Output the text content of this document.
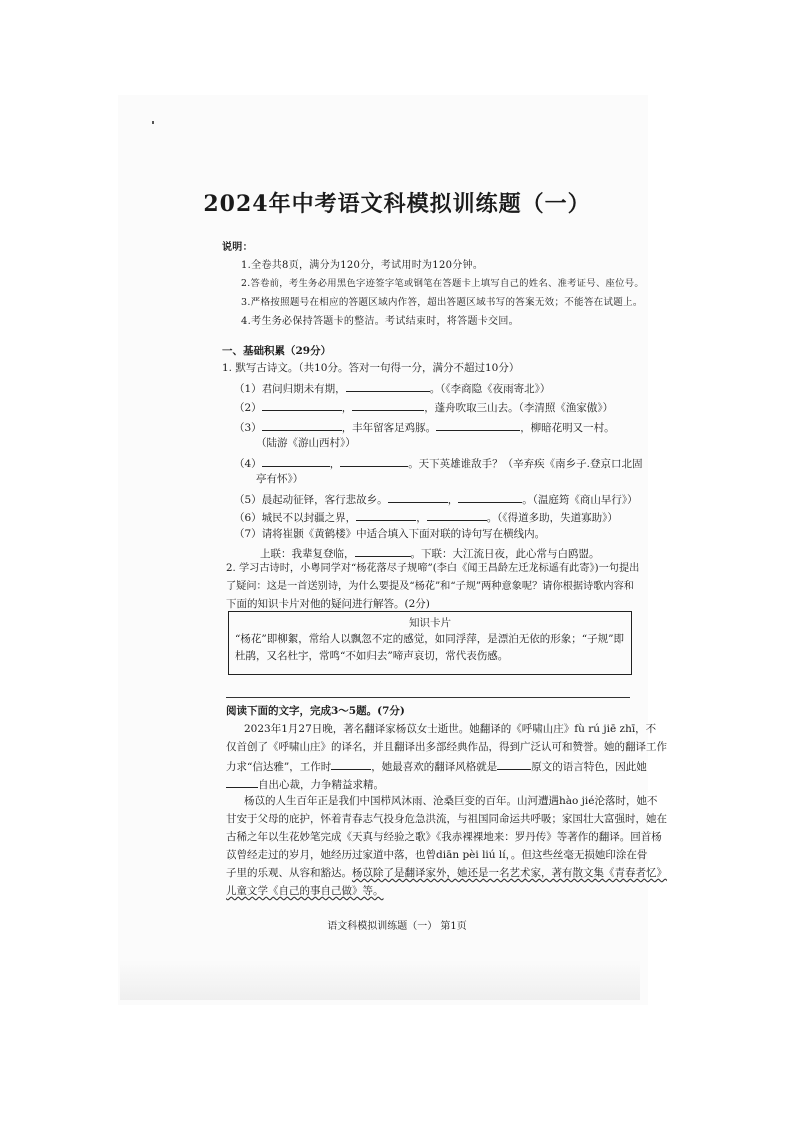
2024年中考语文科模拟训练题（一）
说明：
1.全卷共8页，满分为120分，考试用时为120分钟。
2.答卷前，考生务必用黑色字迹签字笔或钢笔在答题卡上填写自己的姓名、准考证号、座位号。
3.严格按照题号在相应的答题区域内作答，超出答题区域书写的答案无效；不能答在试题上。
4.考生务必保持答题卡的整洁。考试结束时，将答题卡交回。
一、基础积累（29分）
1. 默写古诗文。（共10分。答对一句得一分，满分不超过10分）
（1）君问归期未有期，	。（《李商隐《夜雨寄北》）
（2）	，	，蓬舟吹取三山去。（李清照《渔家傲》）
（3）	，丰年留客足鸡豚。	，柳暗花明又一村。
（陆游《游山西村》）
（4）	，	。天下英雄谁敌手？（辛弃疾《南乡子.登京口北固
亭有怀》）
（5）晨起动征铎，客行悲故乡。	，	。（温庭筠《商山早行》）
（6）城民不以封疆之界，	，	。（《得道多助，失道寡助》）
（7）请将崔颢《黄鹤楼》中适合填入下面对联的诗句写在横线内。
上联：我辈复登临，	。下联：大江流日夜，此心常与白鸥盟。
2. 学习古诗时，小粤同学对“杨花落尽子规啼”(李白《闻王昌龄左迁龙标遥有此寄》)一句提出
了疑问：这是一首送别诗，为什么要提及“杨花”和“子规”两种意象呢？请你根据诗歌内容和
下面的知识卡片对他的疑问进行解答。(2分)
知识卡片
“杨花”即柳絮，常给人以飘忽不定的感觉，如同浮萍，是漂泊无依的形象；“子规”即杜鹃，又名杜宇，常鸣“不如归去”啼声哀切，常代表伤感。
阅读下面的文字，完成3～5题。(7分)
2023年1月27日晚，著名翻译家杨苡女士逝世。她翻译的《呼啸山庄》fù rú jiē zhī，不
仅首创了《呼啸山庄》的译名，并且翻译出多部经典作品，得到广泛认可和赞誉。她的翻译工作
力求“信达雅”，工作时	，她最喜欢的翻译风格就是	原文的语言特色，因此她
自出心裁，力争精益求精。
杨苡的人生百年正是我们中国栉风沐雨、沧桑巨变的百年。山河遭遇hào jié沦落时，她不
甘安于父母的庇护，怀着青春志气投身危急洪流，与祖国同命运共呼吸；家国壮大富强时，她在
古稀之年以生花妙笔完成《天真与经验之歌》《我赤裸裸地来：罗丹传》等著作的翻译。回首杨
苡曾经走过的岁月，她经历过家道中落，也曾diān pèi liú lí，。但这些丝毫无损她印涂在骨
子里的乐观、从容和豁达。杨苡除了是翻译家外，她还是一名艺术家，著有散文集《青春者忆》
儿童文学《自己的事自己做》等。
语文科模拟训练题（一） 第1页
